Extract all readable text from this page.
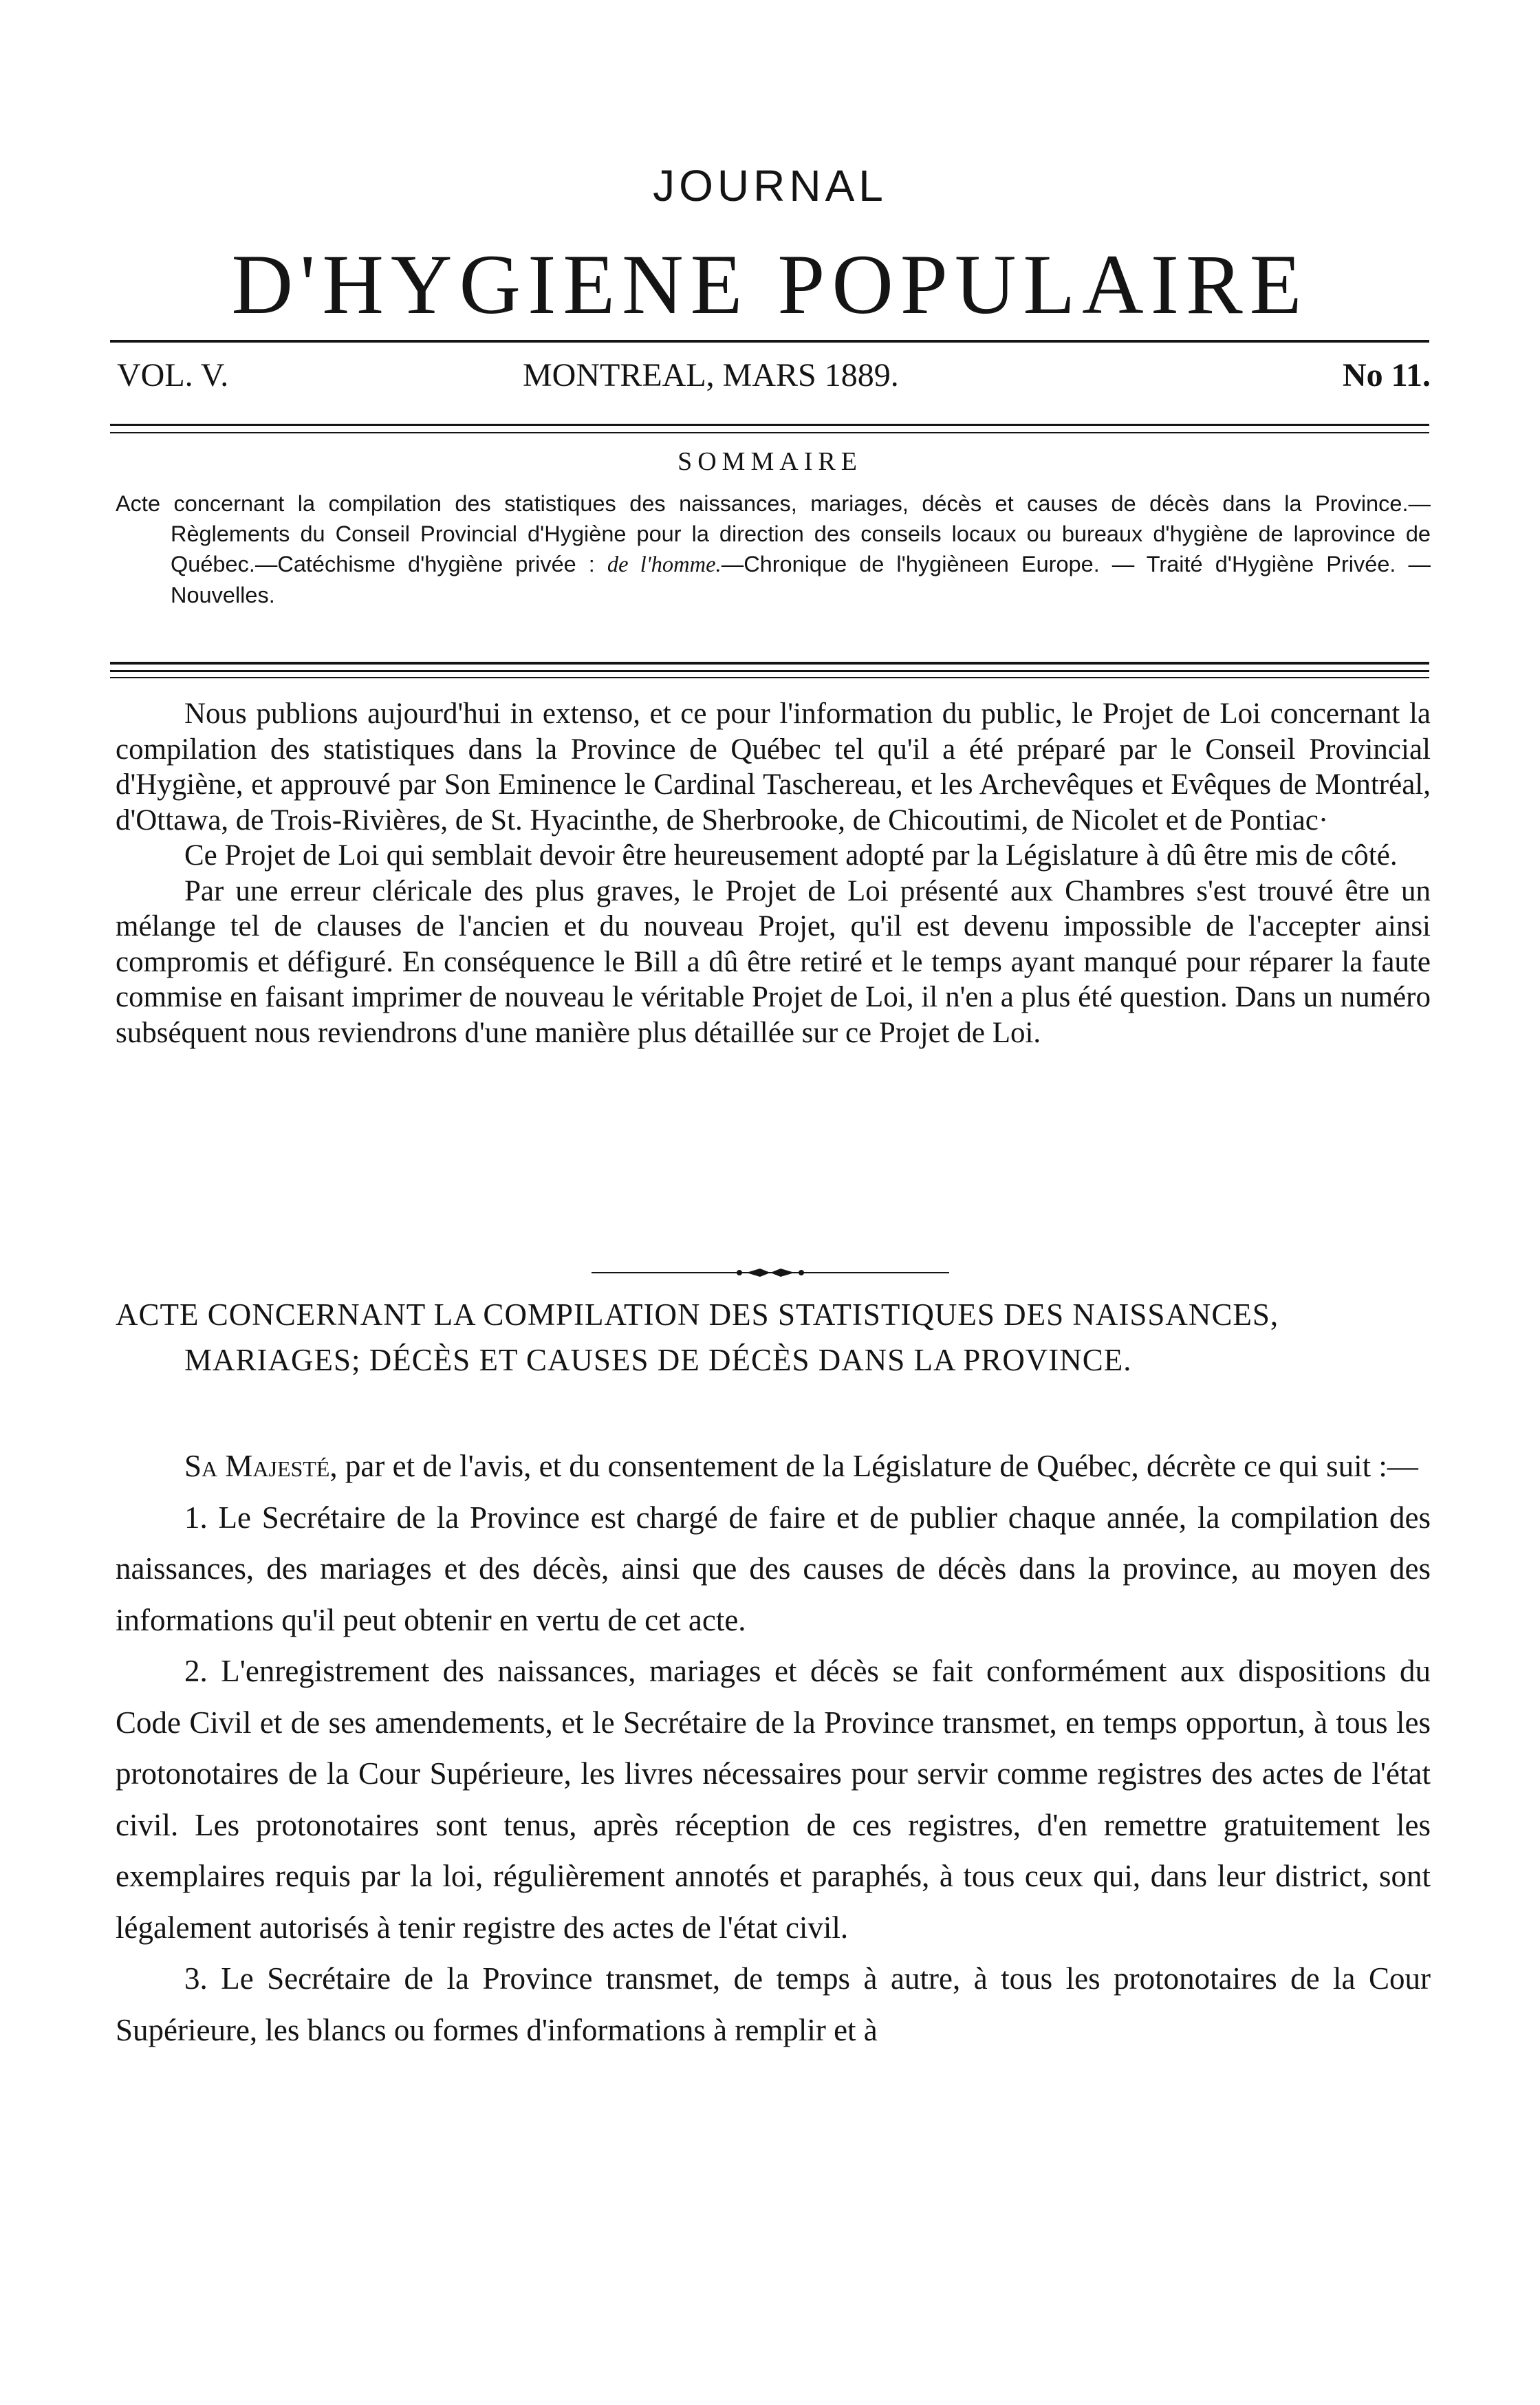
JOURNAL
D'HYGIENE POPULAIRE
VOL. V.	MONTREAL, MARS 1889.	No 11.
SOMMAIRE
Acte concernant la compilation des statistiques des naissances, mariages, décès et causes de décès dans la Province.—Règlements du Conseil Provincial d'Hygiène pour la direction des conseils locaux ou bureaux d'hygiène de laprovince de Québec.—Catéchisme d'hygiène privée : de l'homme.—Chronique de l'hygièneen Europe. — Traité d'Hygiène Privée. — Nouvelles.

Nous publions aujourd'hui in extenso, et ce pour l'information du public, le Projet de Loi concernant la compilation des statistiques dans la Province de Québec tel qu'il a été préparé par le Conseil Provincial d'Hygiène, et approuvé par Son Eminence le Cardinal Taschereau, et les Archevêques et Evêques de Montréal, d'Ottawa, de Trois-Rivières, de St. Hyacinthe, de Sherbrooke, de Chicoutimi, de Nicolet et de Pontiac·

Ce Projet de Loi qui semblait devoir être heureusement adopté par la Législature à dû être mis de côté.

Par une erreur cléricale des plus graves, le Projet de Loi présenté aux Chambres s'est trouvé être un mélange tel de clauses de l'ancien et du nouveau Projet, qu'il est devenu impossible de l'accepter ainsi compromis et défiguré. En conséquence le Bill a dû être retiré et le temps ayant manqué pour réparer la faute commise en faisant imprimer de nouveau le véritable Projet de Loi, il n'en a plus été question. Dans un numéro subséquent nous reviendrons d'une manière plus détaillée sur ce Projet de Loi.

ACTE CONCERNANT LA COMPILATION DES STATISTIQUES DES NAISSANCES, MARIAGES; DÉCÈS ET CAUSES DE DÉCÈS DANS LA PROVINCE.

Sa Majesté, par et de l'avis, et du consentement de la Législature de Québec, décrète ce qui suit :—

1. Le Secrétaire de la Province est chargé de faire et de publier chaque année, la compilation des naissances, des mariages et des décès, ainsi que des causes de décès dans la province, au moyen des informations qu'il peut obtenir en vertu de cet acte.

2. L'enregistrement des naissances, mariages et décès se fait conformément aux dispositions du Code Civil et de ses amendements, et le Secrétaire de la Province transmet, en temps opportun, à tous les protonotaires de la Cour Supérieure, les livres nécessaires pour servir comme registres des actes de l'état civil. Les protonotaires sont tenus, après réception de ces registres, d'en remettre gratuitement les exemplaires requis par la loi, régulièrement annotés et paraphés, à tous ceux qui, dans leur district, sont légalement autorisés à tenir registre des actes de l'état civil.

3. Le Secrétaire de la Province transmet, de temps à autre, à tous les protonotaires de la Cour Supérieure, les blancs ou formes d'informations à remplir et à
